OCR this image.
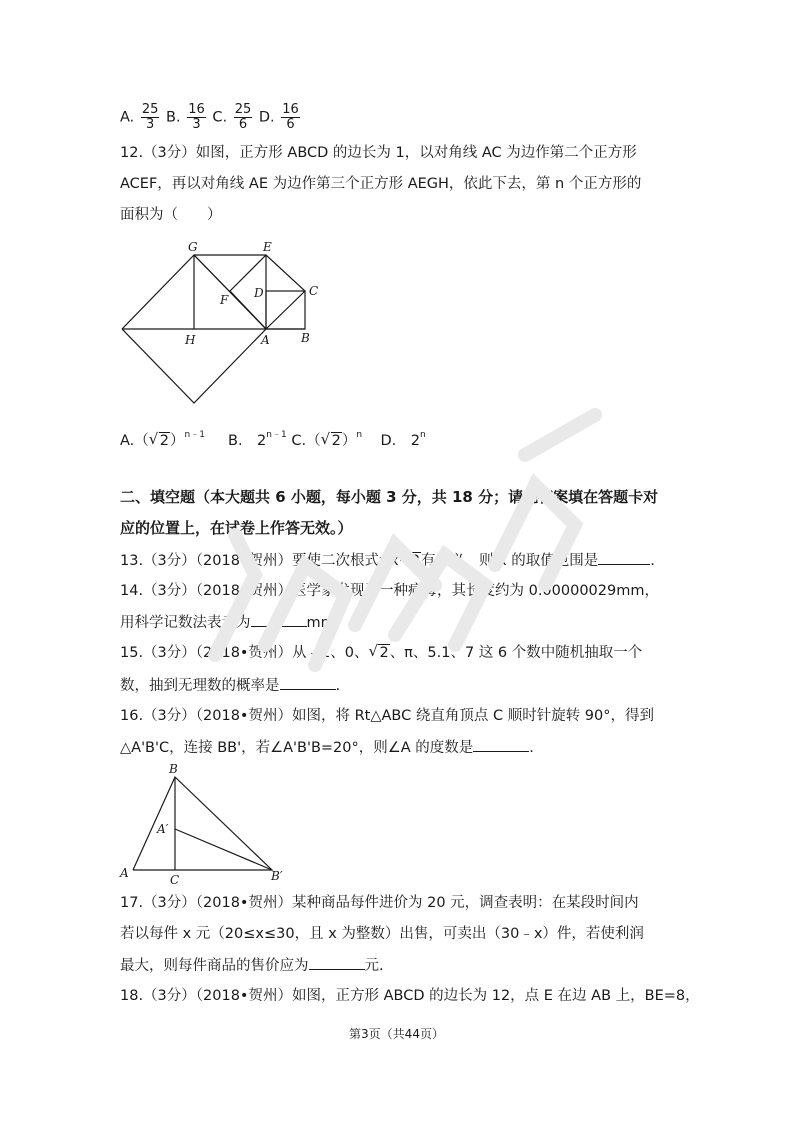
A. $\frac{25}{3} B$. $\frac{16}{3} C$. $\frac{25}{6} D$. $\frac{16}{6}$
12.（3分）如图，正方形 ABCD 的边长为 1，以对角线 AC 为边作第二个正方形
ACEF，再以对角线 AE 为边作第三个正方形 AEGH，依此下去，第 n 个正方形的
面积为（　　）
G	E
D	C
F
H	A	B
A.（ √ 2）$^{n﹣1}$ B.　$2^{n﹣1}$ C.（ √ 2）$^n$ D.　2$^n$
二、填空题（本大题共 6 小题，每小题 3 分，共 18 分；请把答案填在答题卡对
应的位置上，在试卷上作答无效。）
13.（3分）（2018•贺州）要使二次根式 √ x−3有意义，则 x 的取值范围是	.
14.（3分）（2018•贺州）医学家发现了一种病毒，其长度约为 0.00000029mm，
用科学记数法表示为	mm.
15.（3分）（2018•贺州）从﹣1、0、 √ 2、π、5.1、7 这 6 个数中随机抽取一个
数，抽到无理数的概率是	.
16.（3分）（2018•贺州）如图，将 Rt△ABC 绕直角顶点 C 顺时针旋转 90°，得到
△A'B'C，连接 BB'，若∠A'B'B=20°，则∠A 的度数是	.
B
A′
A	C	B′
17.（3分）（2018•贺州）某种商品每件进价为 20 元，调查表明：在某段时间内
若以每件 x 元（20≤x≤30，且 x 为整数）出售，可卖出（30﹣x）件，若使利润
最大，则每件商品的售价应为	元.
18.（3分）（2018•贺州）如图，正方形 ABCD 的边长为 12，点 E 在边 AB 上，BE=8，
第3页（共44页）
